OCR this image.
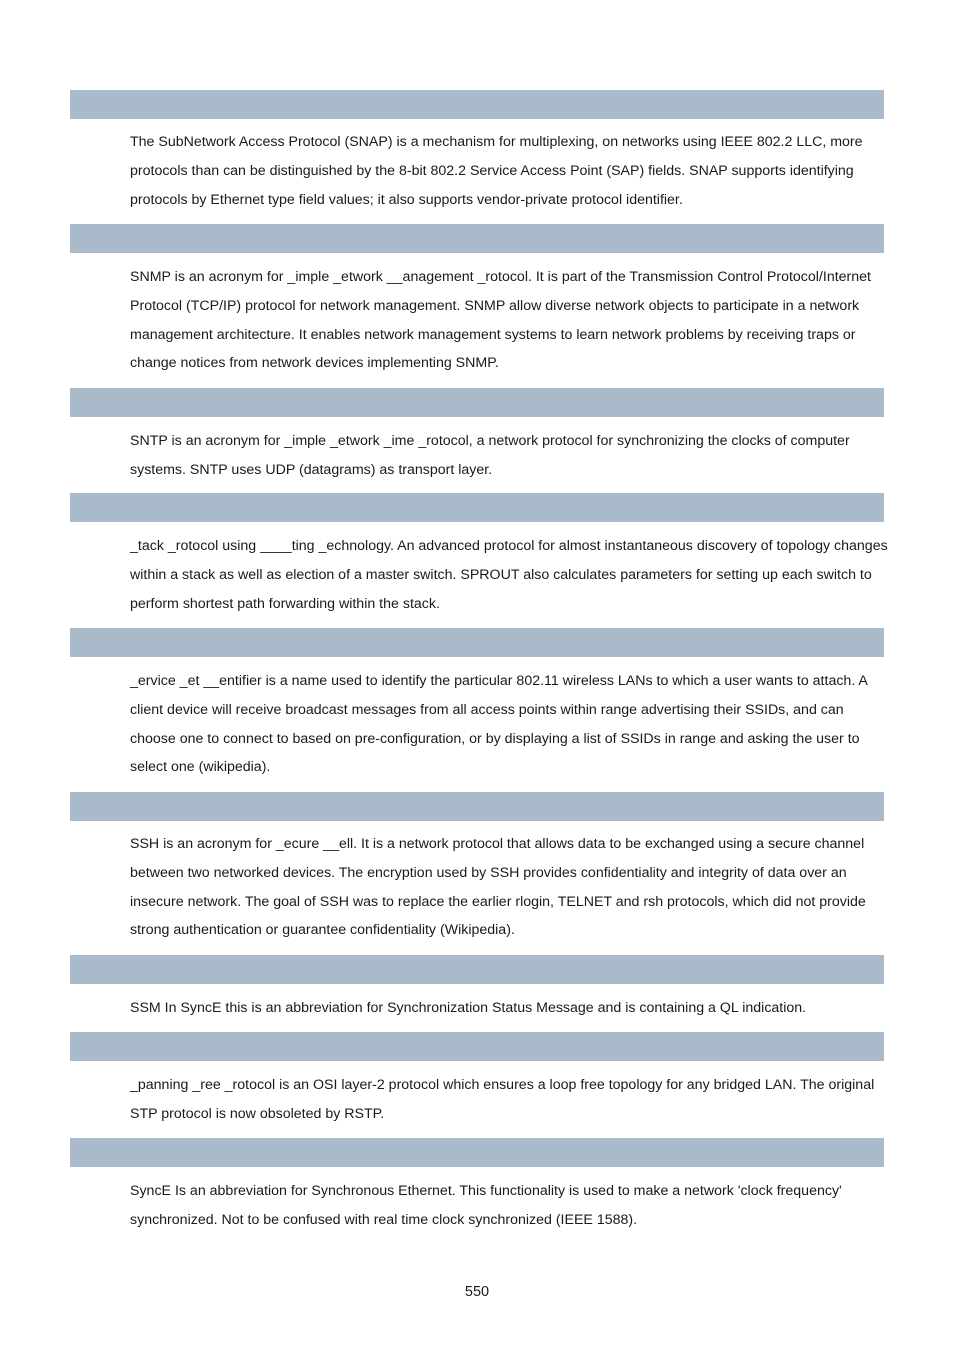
The SubNetwork Access Protocol (SNAP) is a mechanism for multiplexing, on networks using IEEE 802.2 LLC, more protocols than can be distinguished by the 8-bit 802.2 Service Access Point (SAP) fields. SNAP supports identifying protocols by Ethernet type field values; it also supports vendor-private protocol identifier.

SNMP is an acronym for _imple _etwork __anagement _rotocol. It is part of the Transmission Control Protocol/Internet Protocol (TCP/IP) protocol for network management. SNMP allow diverse network objects to participate in a network management architecture. It enables network management systems to learn network problems by receiving traps or change notices from network devices implementing SNMP.

SNTP is an acronym for _imple _etwork _ime _rotocol, a network protocol for synchronizing the clocks of computer systems. SNTP uses UDP (datagrams) as transport layer.

_tack _rotocol using ____ting _echnology. An advanced protocol for almost instantaneous discovery of topology changes within a stack as well as election of a master switch. SPROUT also calculates parameters for setting up each switch to perform shortest path forwarding within the stack.

_ervice _et __entifier is a name used to identify the particular 802.11 wireless LANs to which a user wants to attach. A client device will receive broadcast messages from all access points within range advertising their SSIDs, and can choose one to connect to based on pre-configuration, or by displaying a list of SSIDs in range and asking the user to select one (wikipedia).

SSH is an acronym for _ecure __ell. It is a network protocol that allows data to be exchanged using a secure channel between two networked devices. The encryption used by SSH provides confidentiality and integrity of data over an insecure network. The goal of SSH was to replace the earlier rlogin, TELNET and rsh protocols, which did not provide strong authentication or guarantee confidentiality (Wikipedia).

SSM In SyncE this is an abbreviation for Synchronization Status Message and is containing a QL indication.

_panning _ree _rotocol is an OSI layer-2 protocol which ensures a loop free topology for any bridged LAN. The original STP protocol is now obsoleted by RSTP.

SyncE Is an abbreviation for Synchronous Ethernet. This functionality is used to make a network 'clock frequency' synchronized. Not to be confused with real time clock synchronized (IEEE 1588).

550
